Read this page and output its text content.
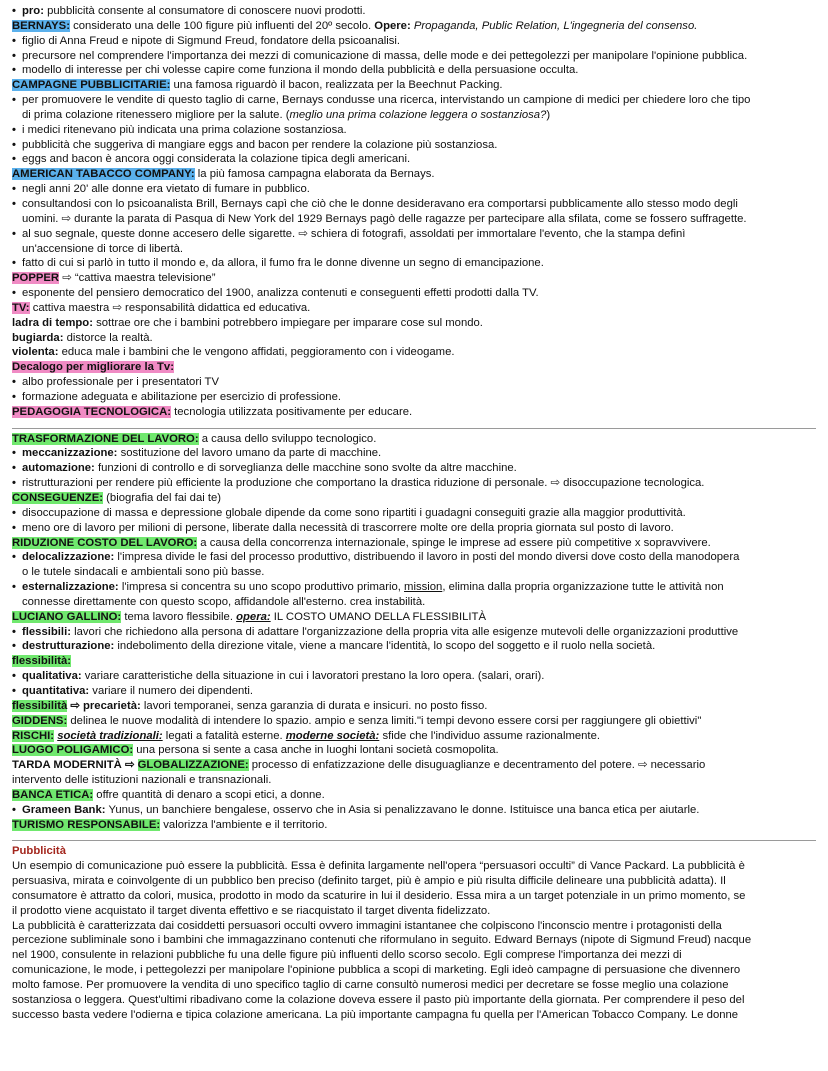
• pro: pubblicità consente al consumatore di conoscere nuovi prodotti.
BERNAYS: considerato una delle 100 figure più influenti del 20º secolo. Opere: Propaganda, Public Relation, L'ingegneria del consenso.
• figlio di Anna Freud e nipote di Sigmund Freud, fondatore della psicoanalisi.
• precursore nel comprendere l'importanza dei mezzi di comunicazione di massa, delle mode e dei pettegolezzi per manipolare l'opinione pubblica.
• modello di interesse per chi volesse capire come funziona il mondo della pubblicità e della persuasione occulta.
CAMPAGNE PUBBLICITARIE: una famosa riguardò il bacon, realizzata per la Beechnut Packing.
• per promuovere le vendite di questo taglio di carne, Bernays condusse una ricerca, intervistando un campione di medici per chiedere loro che tipo
di prima colazione ritenessero migliore per la salute. (meglio una prima colazione leggera o sostanziosa?)
• i medici ritenevano più indicata una prima colazione sostanziosa.
• pubblicità che suggeriva di mangiare eggs and bacon per rendere la colazione più sostanziosa.
• eggs and bacon è ancora oggi considerata la colazione tipica degli americani.
AMERICAN TABACCO COMPANY: la più famosa campagna elaborata da Bernays.
• negli anni 20' alle donne era vietato di fumare in pubblico.
• consultandosi con lo psicoanalista Brill, Bernays capì che ciò che le donne desideravano era comportarsi pubblicamente allo stesso modo degli
uomini. ⇨ durante la parata di Pasqua di New York del 1929 Bernays pagò delle ragazze per partecipare alla sfilata, come se fossero suffragette.
• al suo segnale, queste donne accesero delle sigarette. ⇨ schiera di fotografi, assoldati per immortalare l'evento, che la stampa definì
un'accensione di torce di libertà.
• fatto di cui si parlò in tutto il mondo e, da allora, il fumo fra le donne divenne un segno di emancipazione.
POPPER ⇨ “cattiva maestra televisione”
• esponente del pensiero democratico del 1900, analizza contenuti e conseguenti effetti prodotti dalla TV.
TV: cattiva maestra ⇨ responsabilità didattica ed educativa.
ladra di tempo: sottrae ore che i bambini potrebbero impiegare per imparare cose sul mondo.
bugiarda: distorce la realtà.
violenta: educa male i bambini che le vengono affidati, peggioramento con i videogame.
Decalogo per migliorare la Tv:
• albo professionale per i presentatori TV
• formazione adeguata e abilitazione per esercizio di professione.
PEDAGOGIA TECNOLOGICA: tecnologia utilizzata positivamente per educare.
TRASFORMAZIONE DEL LAVORO: a causa dello sviluppo tecnologico.
• meccanizzazione: sostituzione del lavoro umano da parte di macchine.
• automazione: funzioni di controllo e di sorveglianza delle macchine sono svolte da altre macchine.
• ristrutturazioni per rendere più efficiente la produzione che comportano la drastica riduzione di personale. ⇨ disoccupazione tecnologica.
CONSEGUENZE: (biografia del fai dai te)
• disoccupazione di massa e depressione globale dipende da come sono ripartiti i guadagni conseguiti grazie alla maggior produttività.
• meno ore di lavoro per milioni di persone, liberate dalla necessità di trascorrere molte ore della propria giornata sul posto di lavoro.
RIDUZIONE COSTO DEL LAVORO: a causa della concorrenza internazionale, spinge le imprese ad essere più competitive x sopravvivere.
• delocalizzazione: l'impresa divide le fasi del processo produttivo, distribuendo il lavoro in posti del mondo diversi dove costo della manodopera
o le tutele sindacali e ambientali sono più basse.
• esternalizzazione: l'impresa si concentra su uno scopo produttivo primario, mission, elimina dalla propria organizzazione tutte le attività non
connesse direttamente con questo scopo, affidandole all'esterno. crea instabilità.
LUCIANO GALLINO: tema lavoro flessibile. opera: IL COSTO UMANO DELLA FLESSIBILITÀ
• flessibili: lavori che richiedono alla persona di adattare l'organizzazione della propria vita alle esigenze mutevoli delle organizzazioni produttive
• destrutturazione: indebolimento della direzione vitale, viene a mancare l'identità, lo scopo del soggetto e il ruolo nella società.
flessibilità:
• qualitativa: variare caratteristiche della situazione in cui i lavoratori prestano la loro opera. (salari, orari).
• quantitativa: variare il numero dei dipendenti.
flessibilità ⇨ precarietà: lavori temporanei, senza garanzia di durata e insicuri. no posto fisso.
GIDDENS: delinea le nuove modalità di intendere lo spazio. ampio e senza limiti."i tempi devono essere corsi per raggiungere gli obiettivi"
RISCHI: società tradizionali: legati a fatalità esterne. moderne società: sfide che l'individuo assume razionalmente.
LUOGO POLIGAMICO: una persona si sente a casa anche in luoghi lontani società cosmopolita.
TARDA MODERNITÀ ⇨ GLOBALIZZAZIONE: processo di enfatizzazione delle disuguaglianze e decentramento del potere. ⇨ necessario
intervento delle istituzioni nazionali e transnazionali.
BANCA ETICA: offre quantità di denaro a scopi etici, a donne.
• Grameen Bank: Yunus, un banchiere bengalese, osservo che in Asia si penalizzavano le donne. Istituisce una banca etica per aiutarle.
TURISMO RESPONSABILE: valorizza l'ambiente e il territorio.
Pubblicità
Un esempio di comunicazione può essere la pubblicità. Essa è definita largamente nell'opera “persuasori occulti” di Vance Packard. La pubblicità è
persuasiva, mirata e coinvolgente di un pubblico ben preciso (definito target, più è ampio e più risulta difficile delineare una pubblicità adatta). Il
consumatore è attratto da colori, musica, prodotto in modo da scaturire in lui il desiderio. Essa mira a un target potenziale in un primo momento, se
il prodotto viene acquistato il target diventa effettivo e se riacquistato il target diventa fidelizzato.
La pubblicità è caratterizzata dai cosiddetti persuasori occulti ovvero immagini istantanee che colpiscono l'inconscio mentre i protagonisti della
percezione subliminale sono i bambini che immagazzinano contenuti che riformulano in seguito. Edward Bernays (nipote di Sigmund Freud) nacque
nel 1900, consulente in relazioni pubbliche fu una delle figure più influenti dello scorso secolo. Egli comprese l'importanza dei mezzi di
comunicazione, le mode, i pettegolezzi per manipolare l'opinione pubblica a scopi di marketing. Egli ideò campagne di persuasione che divennero
molto famose. Per promuovere la vendita di uno specifico taglio di carne consultò numerosi medici per decretare se fosse meglio una colazione
sostanziosa o leggera. Quest'ultimi ribadivano come la colazione doveva essere il pasto più importante della giornata. Per comprendere il peso del
successo basta vedere l'odierna e tipica colazione americana. La più importante campagna fu quella per l'American Tobacco Company. Le donne
